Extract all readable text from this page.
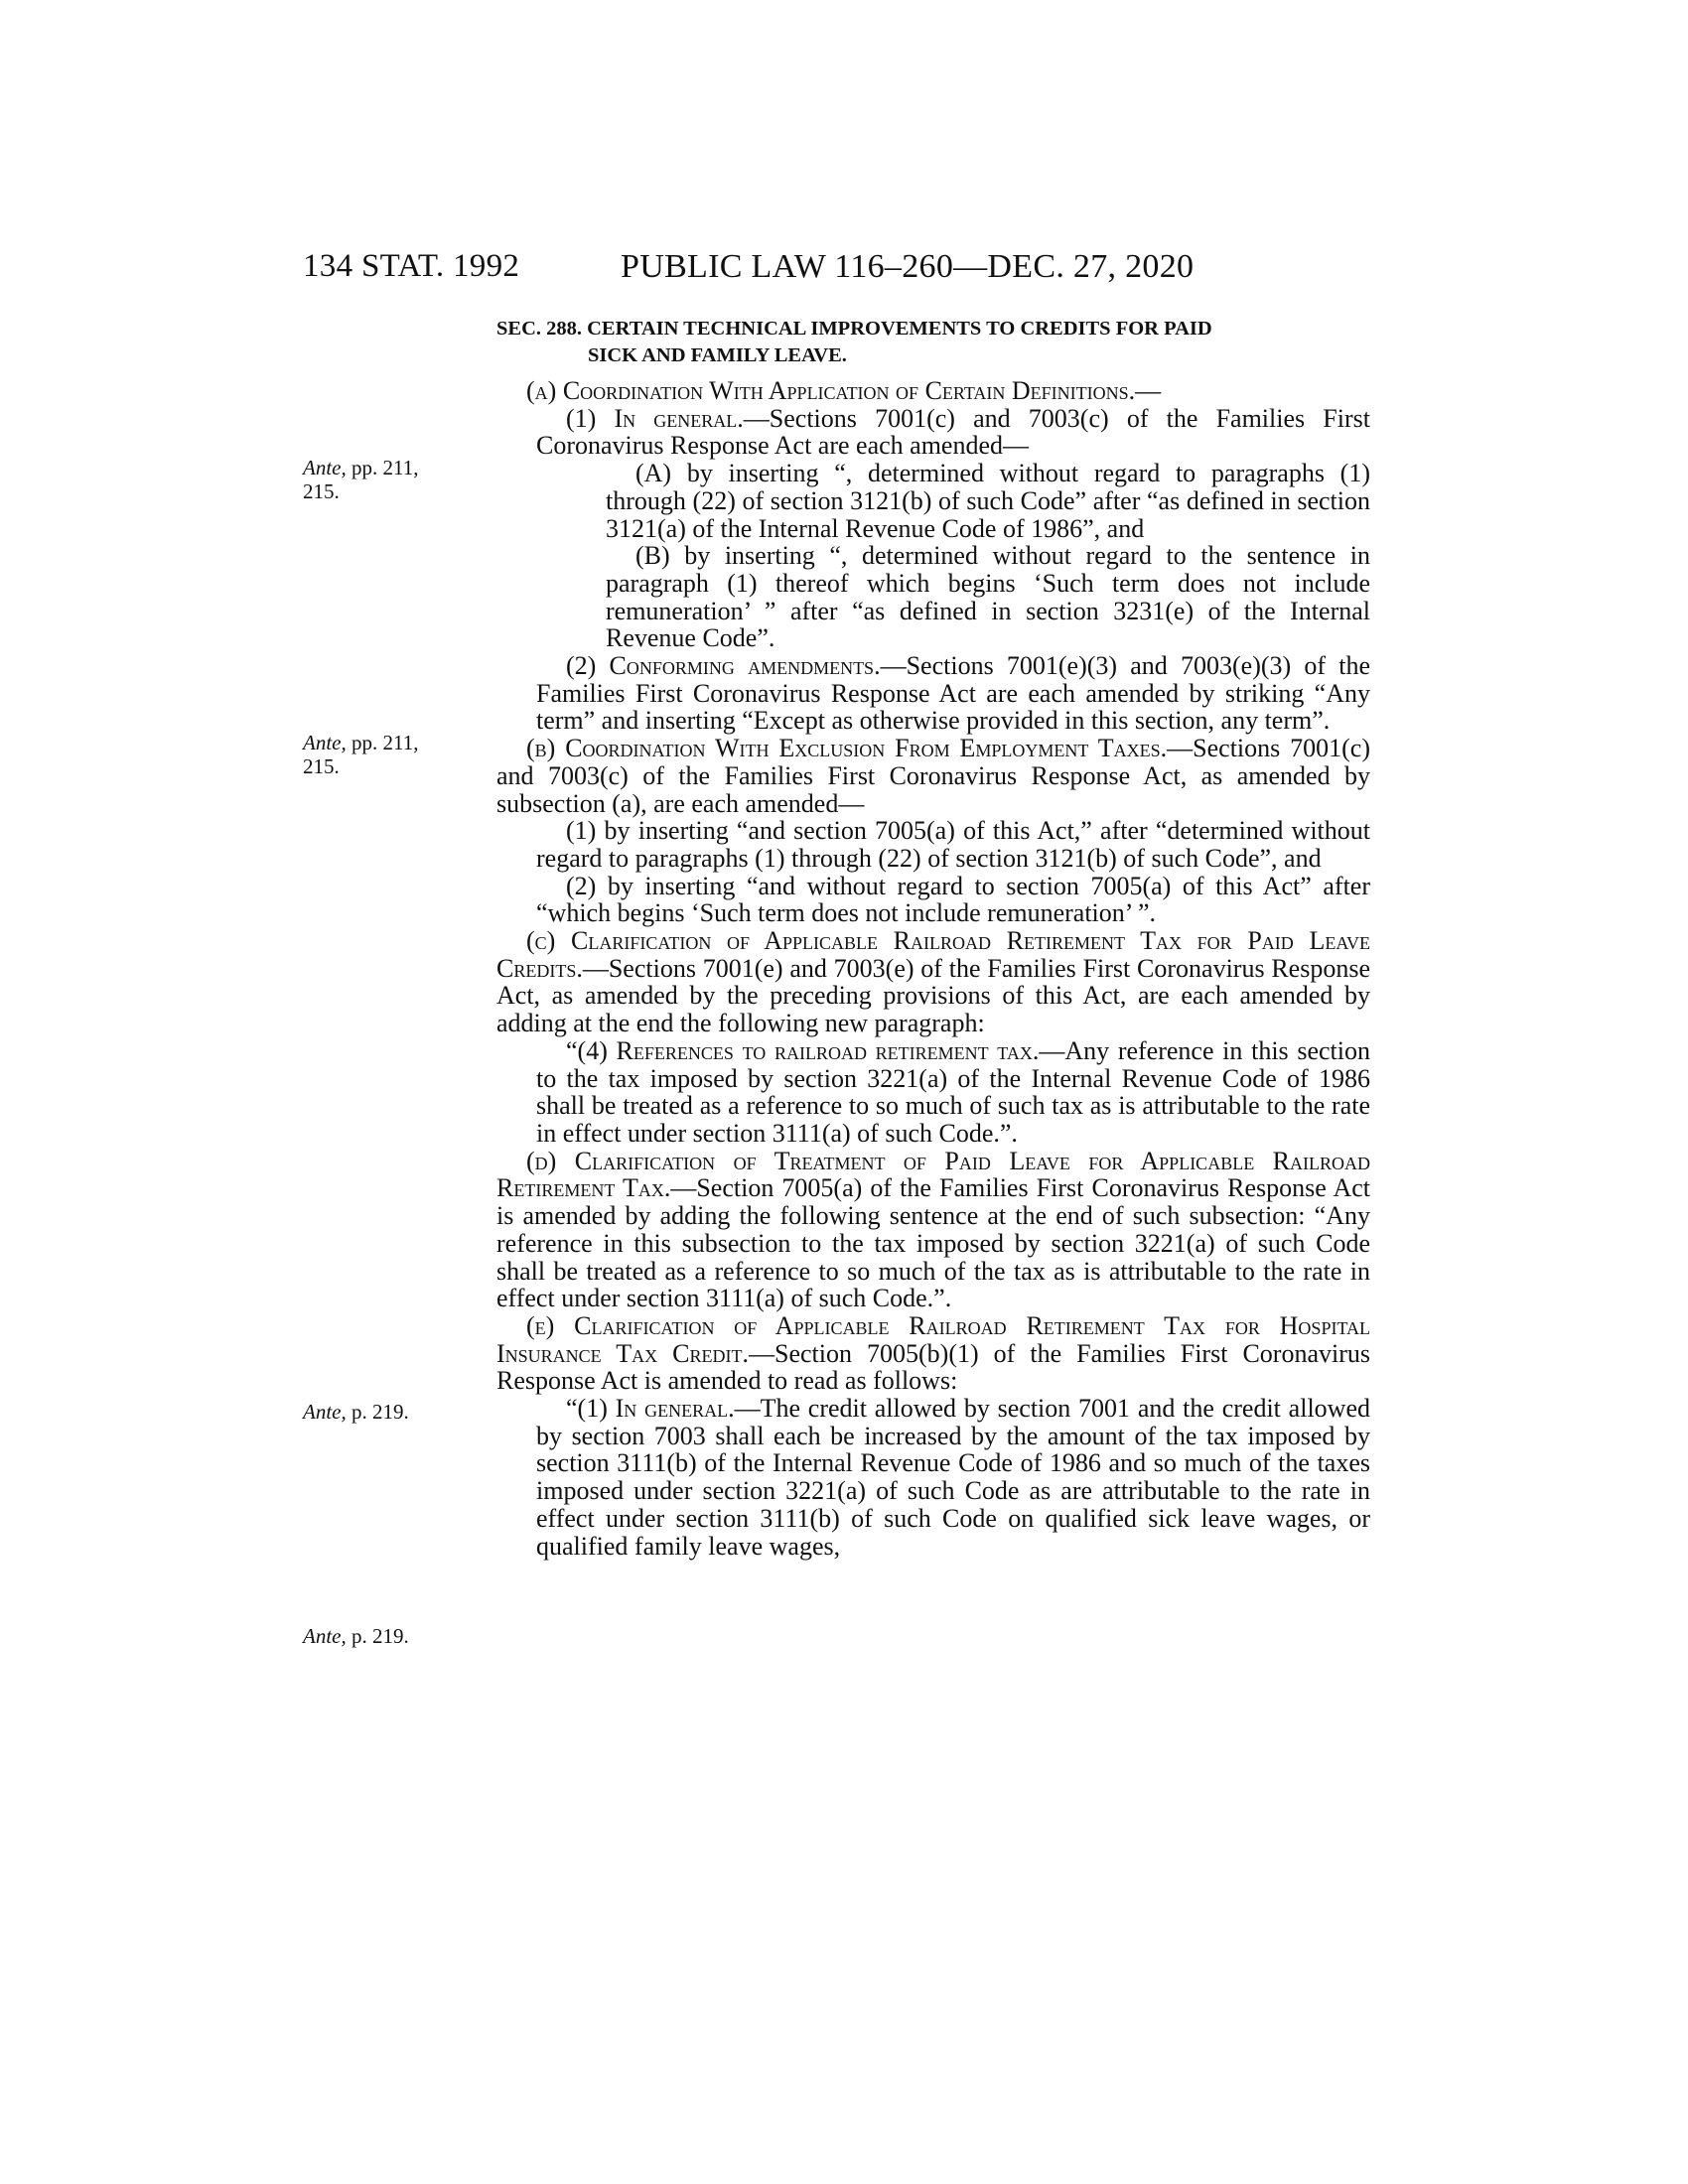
134 STAT. 1992	PUBLIC LAW 116–260—DEC. 27, 2020
SEC. 288. CERTAIN TECHNICAL IMPROVEMENTS TO CREDITS FOR PAID
SICK AND FAMILY LEAVE.
Ante, pp. 211,
215.
Ante, pp. 211,
215.
Ante, p. 219.
Ante, p. 219.

(a) Coordination With Application of Certain Definitions.—

(1) In general.—Sections 7001(c) and 7003(c) of the Families First Coronavirus Response Act are each amended—

(A) by inserting “, determined without regard to paragraphs (1) through (22) of section 3121(b) of such Code” after “as defined in section 3121(a) of the Internal Revenue Code of 1986”, and

(B) by inserting “, determined without regard to the sentence in paragraph (1) thereof which begins ‘Such term does not include remuneration’ ” after “as defined in section 3231(e) of the Internal Revenue Code”.

(2) Conforming amendments.—Sections 7001(e)(3) and 7003(e)(3) of the Families First Coronavirus Response Act are each amended by striking “Any term” and inserting “Except as otherwise provided in this section, any term”.

(b) Coordination With Exclusion From Employment Taxes.—Sections 7001(c) and 7003(c) of the Families First Coronavirus Response Act, as amended by subsection (a), are each amended—

(1) by inserting “and section 7005(a) of this Act,” after “determined without regard to paragraphs (1) through (22) of section 3121(b) of such Code”, and

(2) by inserting “and without regard to section 7005(a) of this Act” after “which begins ‘Such term does not include remuneration’ ”.

(c) Clarification of Applicable Railroad Retirement Tax for Paid Leave Credits.—Sections 7001(e) and 7003(e) of the Families First Coronavirus Response Act, as amended by the preceding provisions of this Act, are each amended by adding at the end the following new paragraph:

“(4) References to railroad retirement tax.—Any reference in this section to the tax imposed by section 3221(a) of the Internal Revenue Code of 1986 shall be treated as a reference to so much of such tax as is attributable to the rate in effect under section 3111(a) of such Code.”.

(d) Clarification of Treatment of Paid Leave for Applicable Railroad Retirement Tax.—Section 7005(a) of the Families First Coronavirus Response Act is amended by adding the following sentence at the end of such subsection: “Any reference in this subsection to the tax imposed by section 3221(a) of such Code shall be treated as a reference to so much of the tax as is attributable to the rate in effect under section 3111(a) of such Code.”.

(e) Clarification of Applicable Railroad Retirement Tax for Hospital Insurance Tax Credit.—Section 7005(b)(1) of the Families First Coronavirus Response Act is amended to read as follows:

“(1) In general.—The credit allowed by section 7001 and the credit allowed by section 7003 shall each be increased by the amount of the tax imposed by section 3111(b) of the Internal Revenue Code of 1986 and so much of the taxes imposed under section 3221(a) of such Code as are attributable to the rate in effect under section 3111(b) of such Code on qualified sick leave wages, or qualified family leave wages,
